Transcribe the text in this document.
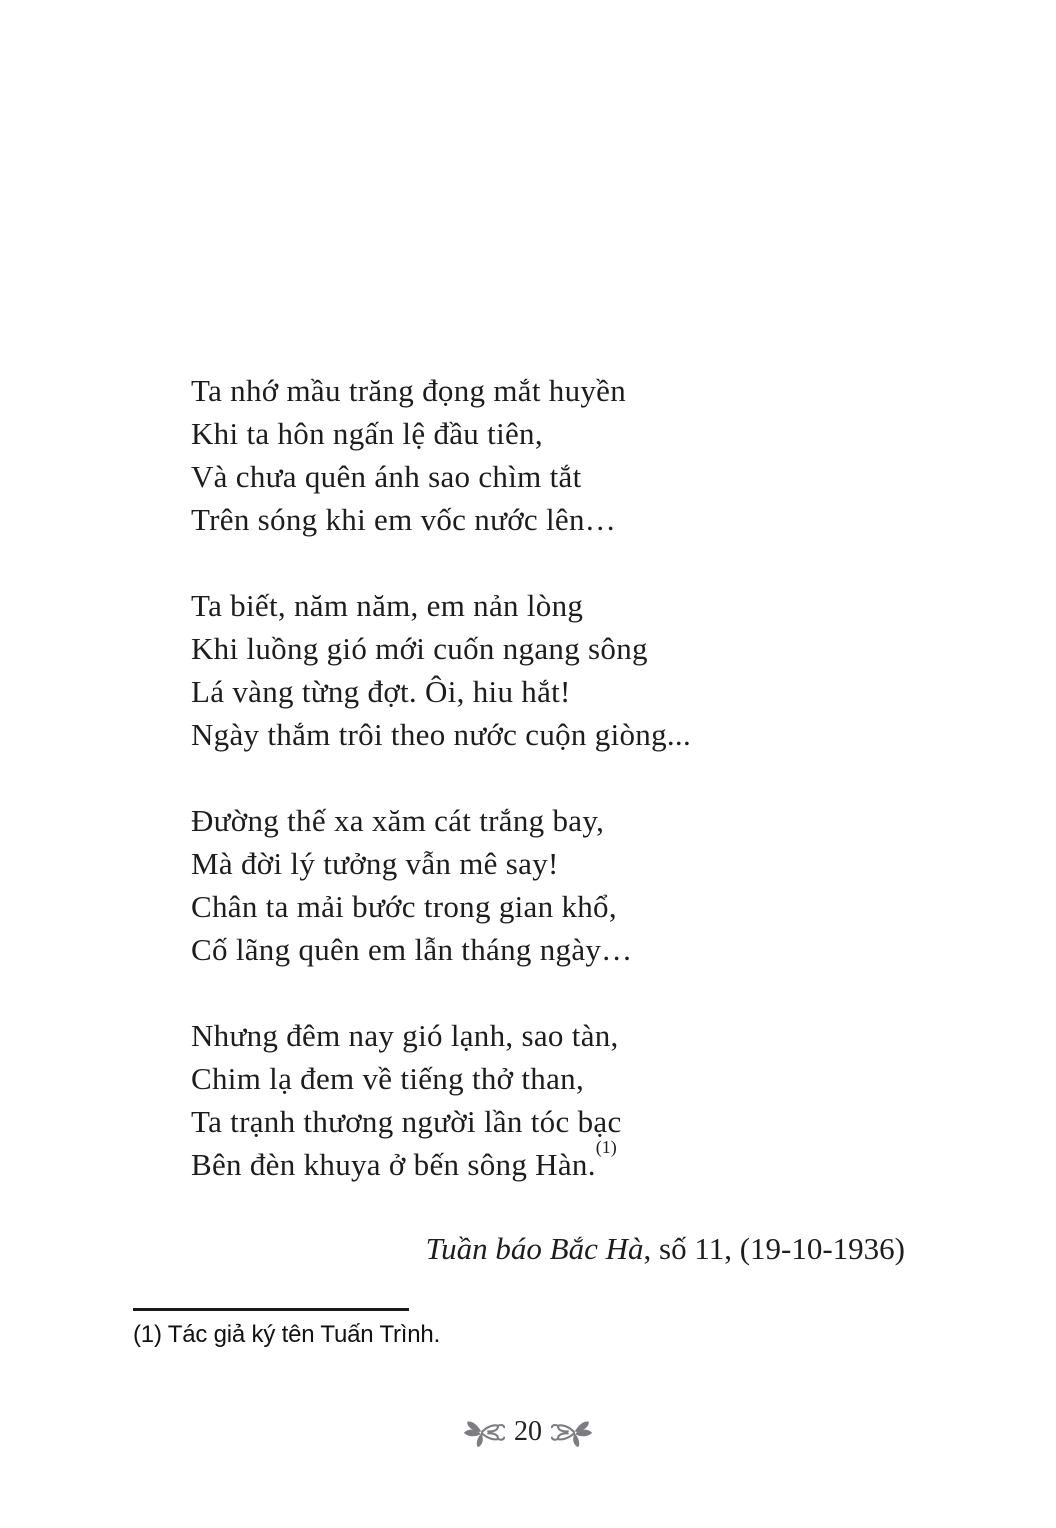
Ta nhớ mầu trăng đọng mắt huyền

Khi ta hôn ngấn lệ đầu tiên,

Và chưa quên ánh sao chìm tắt

Trên sóng khi em vốc nước lên…

Ta biết, năm năm, em nản lòng

Khi luồng gió mới cuốn ngang sông

Lá vàng từng đợt. Ôi, hiu hắt!

Ngày thắm trôi theo nước cuộn giòng...

Đường thế xa xăm cát trắng bay,

Mà đời lý tưởng vẫn mê say!

Chân ta mải bước trong gian khổ,

Cố lãng quên em lẫn tháng ngày…

Nhưng đêm nay gió lạnh, sao tàn,

Chim lạ đem về tiếng thở than,

Ta trạnh thương người lần tóc bạc

Bên đèn khuya ở bến sông Hàn.$^{(1)}$

Tuần báo Bắc Hà, số 11, (19-10-1936)

(1) Tác giả ký tên Tuấn Trình.

20
